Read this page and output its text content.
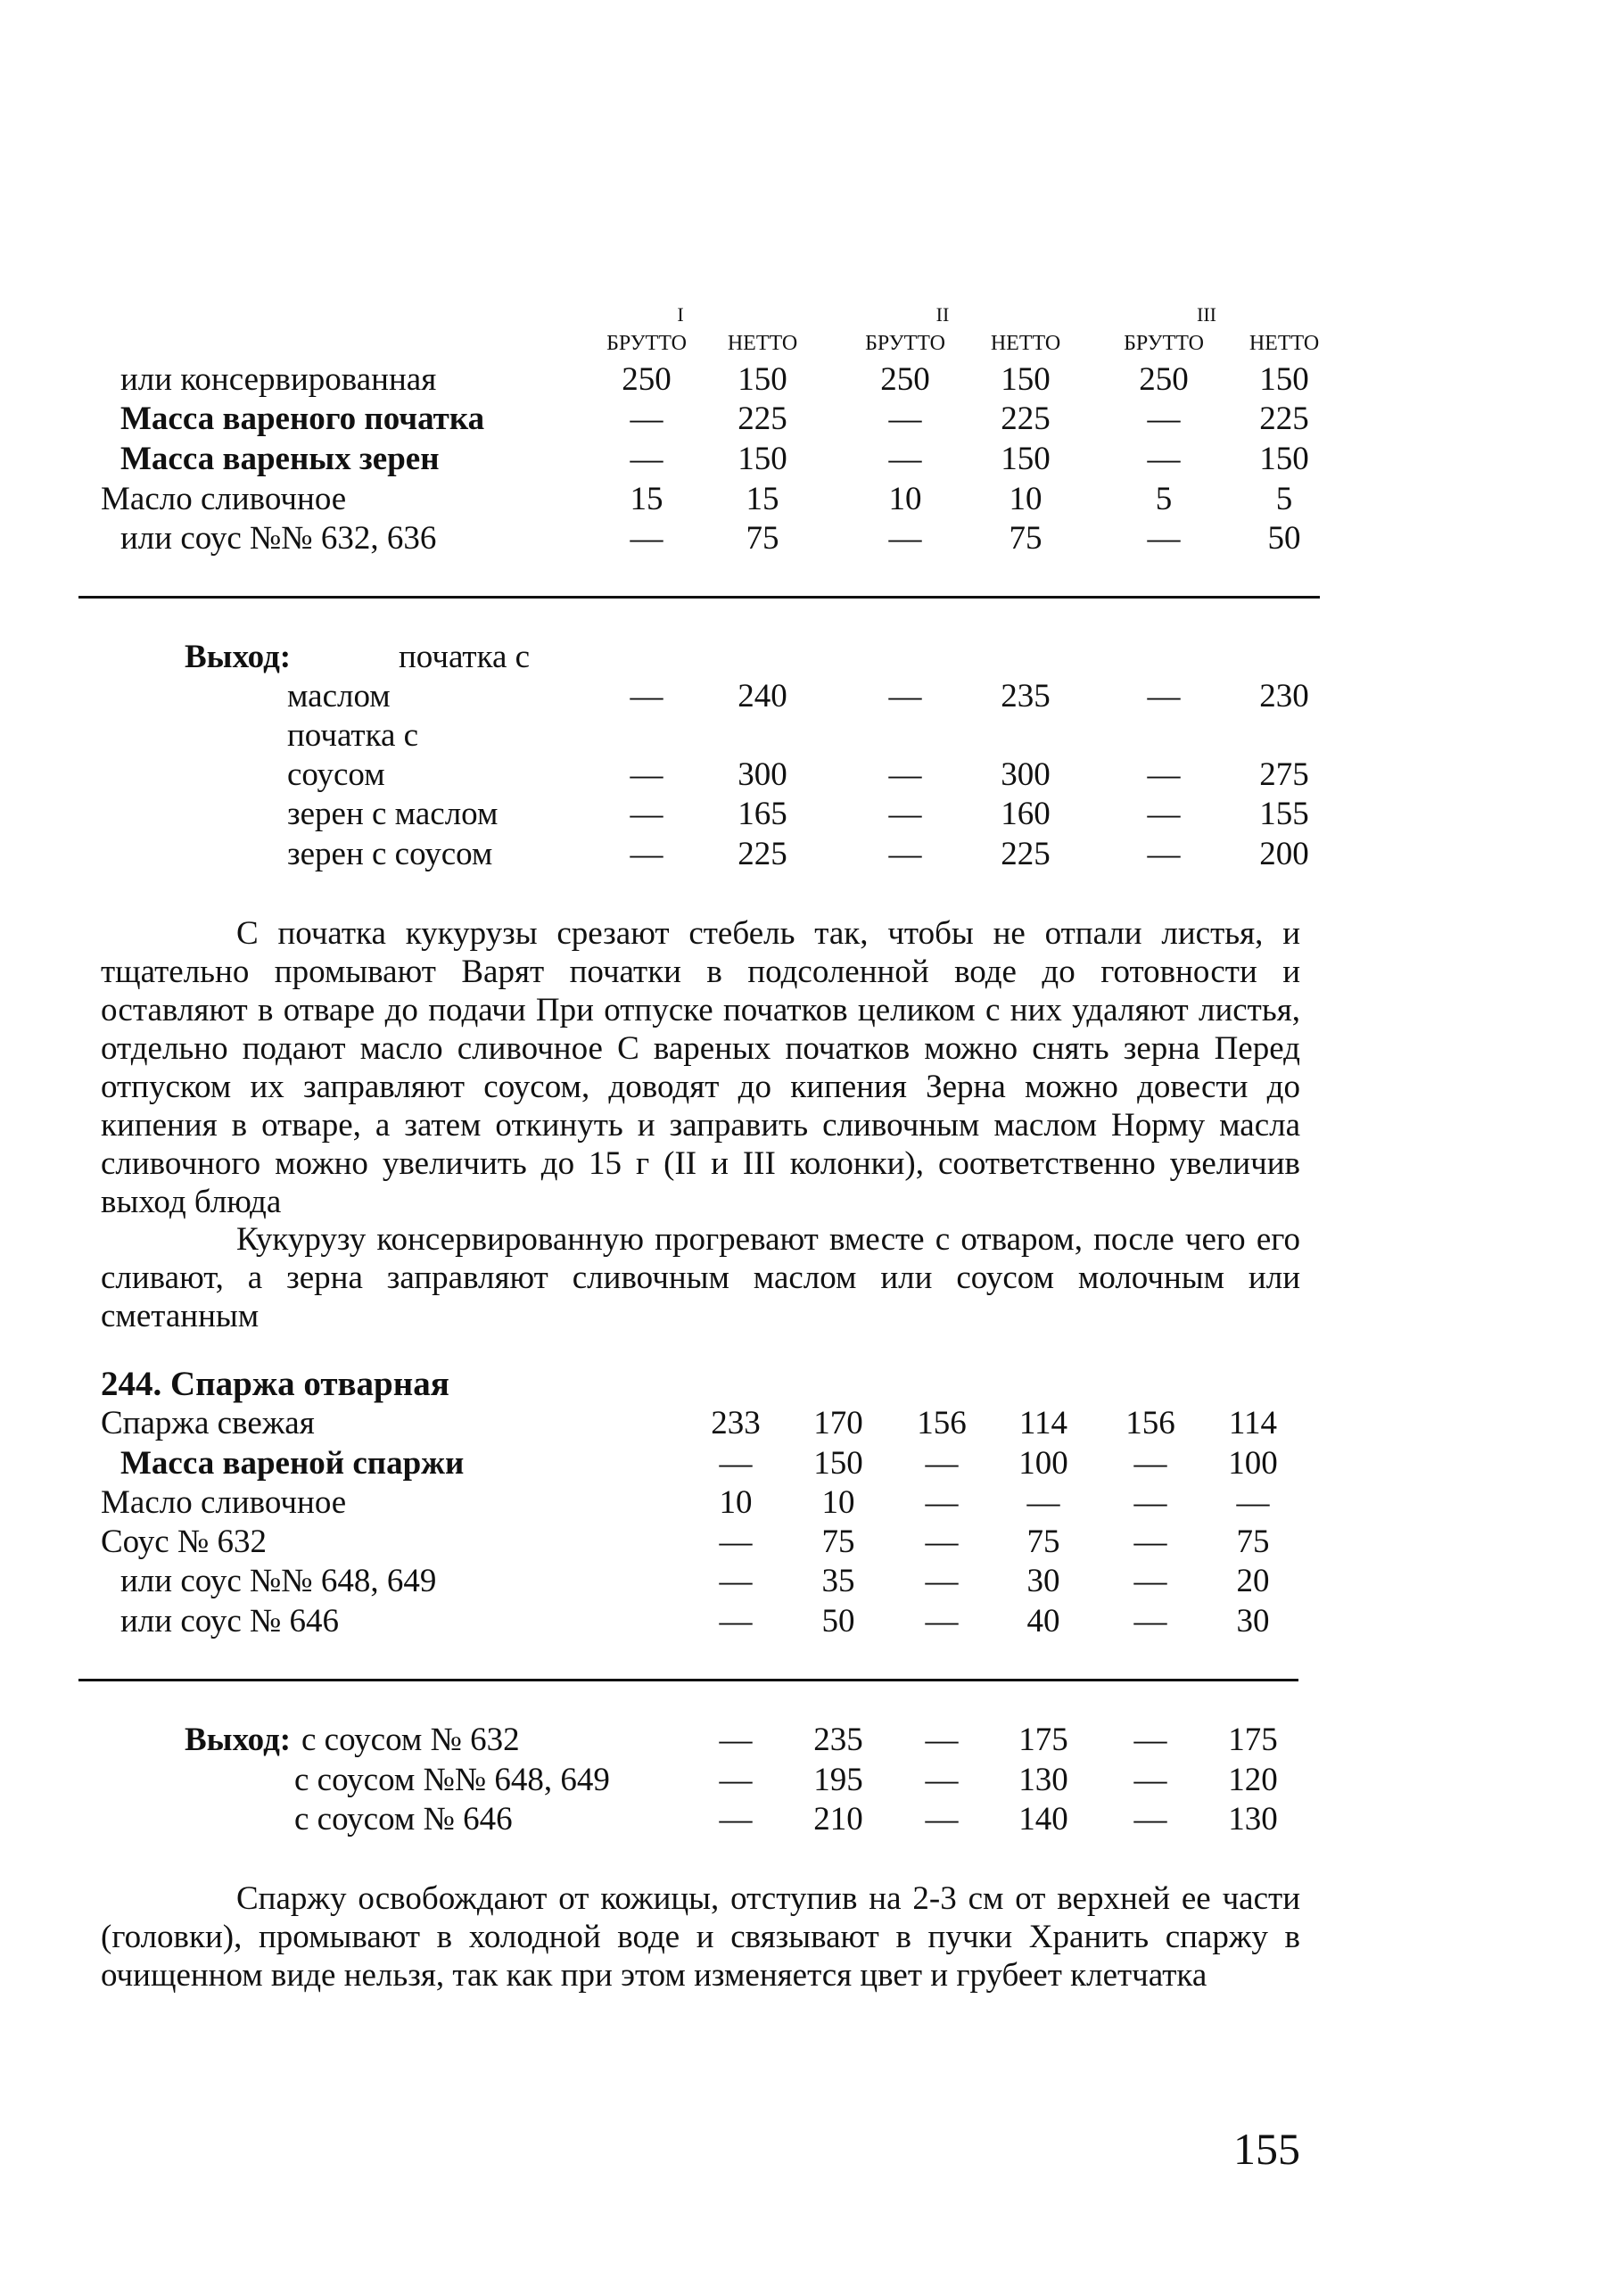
I	II	III
БРУТТО НЕТТО	БРУТТО НЕТТО	БРУТТО НЕТТО
или консервированная	250 150	250 150	250 150
Масса вареного початка	— 225	— 225	— 225
Масса вареных зерен	— 150	— 150	— 150
Масло сливочное	15	15	10	10	5	5
или соус №№ 632, 636	—	75	—	75	—	50
Выход:	початка с
маслом	— 240	— 235	— 230
початка с
соусом	— 300	— 300	— 275
зерен с маслом	— 165	— 160	— 155
зерен с соусом	— 225	— 225	— 200

С початка кукурузы срезают стебель так, чтобы не отпали листья, и тщательно промывают Варят початки в подсоленной воде до готовности и оставляют в отваре до подачи При отпуске початков целиком с них удаляют листья, отдельно подают масло сливочное С вареных початков можно снять зерна Перед отпуском их заправляют соусом, доводят до кипения Зерна можно довести до кипения в отваре, а затем откинуть и заправить сливочным маслом Норму масла сливочного можно увеличить до 15 г (II и III колонки), соответственно увеличив выход блюда

Кукурузу консервированную прогревают вместе с отваром, после чего его сливают, а зерна заправляют сливочным маслом или соусом молочным или сметанным

244. Спаржа отварная
Спаржа свежая	233 170 156 114 156 114
Масса вареной спаржи	— 150 — 100 — 100
Масло сливочное	10 10 — — — —
Соус № 632	— 75 — 75 — 75
или соус №№ 648, 649	— 35 — 30 — 20
или соус № 646	— 50 — 40 — 30
Выход: с соусом № 632	— 235 — 175 — 175
с соусом №№ 648, 649	— 195 — 130 — 120
с соусом № 646	— 210 — 140 — 130

Спаржу освобождают от кожицы, отступив на 2-3 см от верхней ее части (головки), промывают в холодной воде и связывают в пучки Хранить спаржу в очищенном виде нельзя, так как при этом изменяется цвет и грубеет клетчатка

155
